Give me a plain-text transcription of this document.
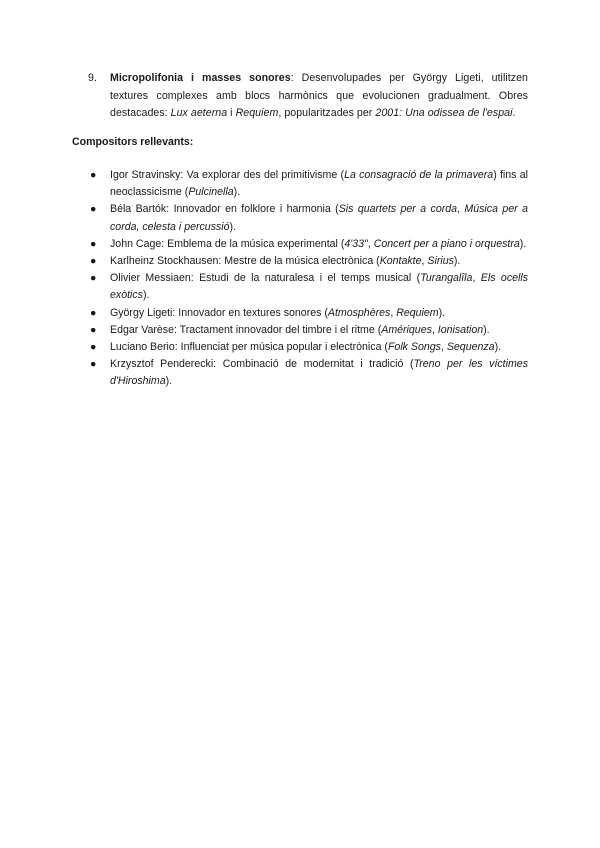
9. Micropolifonia i masses sonores: Desenvolupades per György Ligeti, utilitzen textures complexes amb blocs harmònics que evolucionen gradualment. Obres destacades: Lux aeterna i Requiem, popularitzades per 2001: Una odissea de l'espai.
Compositors rellevants:
● Igor Stravinsky: Va explorar des del primitivisme (La consagració de la primavera) fins al neoclassicisme (Pulcinella).
● Béla Bartók: Innovador en folklore i harmonia (Sis quartets per a corda, Música per a corda, celesta i percussió).
● John Cage: Emblema de la música experimental (4'33", Concert per a piano i orquestra).
● Karlheinz Stockhausen: Mestre de la música electrònica (Kontakte, Sirius).
● Olivier Messiaen: Estudi de la naturalesa i el temps musical (Turangalîla, Els ocells exòtics).
● György Ligeti: Innovador en textures sonores (Atmosphères, Requiem).
● Edgar Varèse: Tractament innovador del timbre i el ritme (Amériques, Ionisation).
● Luciano Berio: Influenciat per música popular i electrònica (Folk Songs, Sequenza).
● Krzysztof Penderecki: Combinació de modernitat i tradició (Treno per les víctimes d'Hiroshima).
